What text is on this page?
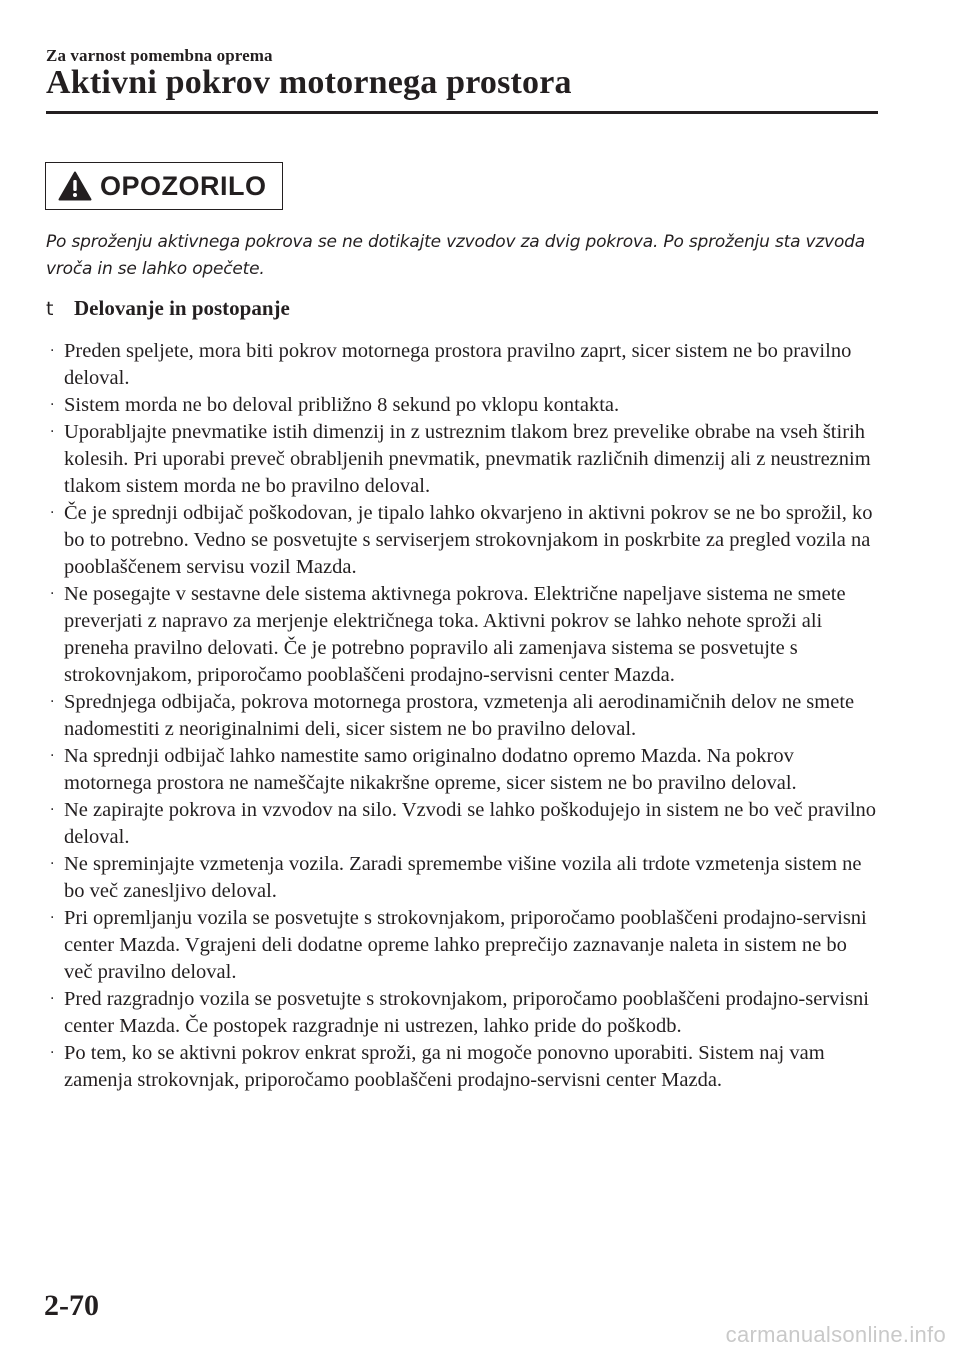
Za varnost pomembna oprema
Aktivni pokrov motornega prostora
OPOZORILO
Po sproženju aktivnega pokrova se ne dotikajte vzvodov za dvig pokrova. Po sproženju sta vzvoda vroča in se lahko opečete.
t Delovanje in postopanje
· Preden speljete, mora biti pokrov motornega prostora pravilno zaprt, sicer sistem ne bo pravilno deloval.
· Sistem morda ne bo deloval približno 8 sekund po vklopu kontakta.
· Uporabljajte pnevmatike istih dimenzij in z ustreznim tlakom brez prevelike obrabe na vseh štirih kolesih. Pri uporabi preveč obrabljenih pnevmatik, pnevmatik različnih dimenzij ali z neustreznim tlakom sistem morda ne bo pravilno deloval.
· Če je sprednji odbijač poškodovan, je tipalo lahko okvarjeno in aktivni pokrov se ne bo sprožil, ko bo to potrebno. Vedno se posvetujte s serviserjem strokovnjakom in poskrbite za pregled vozila na pooblaščenem servisu vozil Mazda.
· Ne posegajte v sestavne dele sistema aktivnega pokrova. Električne napeljave sistema ne smete preverjati z napravo za merjenje električnega toka. Aktivni pokrov se lahko nehote sproži ali preneha pravilno delovati. Če je potrebno popravilo ali zamenjava sistema se posvetujte s strokovnjakom, priporočamo pooblaščeni prodajno-servisni center Mazda.
· Sprednjega odbijača, pokrova motornega prostora, vzmetenja ali aerodinamičnih delov ne smete nadomestiti z neoriginalnimi deli, sicer sistem ne bo pravilno deloval.
· Na sprednji odbijač lahko namestite samo originalno dodatno opremo Mazda. Na pokrov motornega prostora ne nameščajte nikakršne opreme, sicer sistem ne bo pravilno deloval.
· Ne zapirajte pokrova in vzvodov na silo. Vzvodi se lahko poškodujejo in sistem ne bo več pravilno deloval.
· Ne spreminjajte vzmetenja vozila. Zaradi spremembe višine vozila ali trdote vzmetenja sistem ne bo več zanesljivo deloval.
· Pri opremljanju vozila se posvetujte s strokovnjakom, priporočamo pooblaščeni prodajno-servisni center Mazda. Vgrajeni deli dodatne opreme lahko preprečijo zaznavanje naleta in sistem ne bo več pravilno deloval.
· Pred razgradnjo vozila se posvetujte s strokovnjakom, priporočamo pooblaščeni prodajno-servisni center Mazda. Če postopek razgradnje ni ustrezen, lahko pride do poškodb.
· Po tem, ko se aktivni pokrov enkrat sproži, ga ni mogoče ponovno uporabiti. Sistem naj vam zamenja strokovnjak, priporočamo pooblaščeni prodajno-servisni center Mazda.
2-70
carmanualsonline.info
